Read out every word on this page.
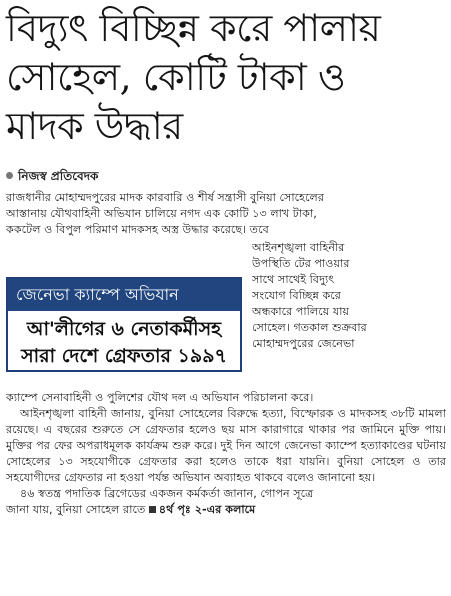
বিদ্যুৎ বিচ্ছিন্ন করে পালায়
সোহেল, কোটি টাকা ও
মাদক উদ্ধার
নিজস্ব প্রতিবেদক
রাজধানীর মোহাম্মদপুরের মাদক কারবারি ও শীর্ষ সন্ত্রাসী বুনিয়া সোহেলের
আস্তানায় যৌথবাহিনী অভিযান চালিয়ে নগদ এক কোটি ১৩ লাখ টাকা,
ককটেল ও বিপুল পরিমাণ মাদকসহ অস্ত্র উদ্ধার করেছে। তবে
আইনশৃঙ্খলা বাহিনীর
উপস্থিতি টের পাওয়ার
সাথে সাথেই বিদ্যুৎ
সংযোগ বিচ্ছিন্ন করে
অন্ধকারে পালিয়ে যায়
সোহেল। গতকাল শুক্রবার
মোহাম্মদপুরের জেনেভা
জেনেভা ক্যাম্পে অভিযান
আ'লীগের ৬ নেতাকর্মীসহ
সারা দেশে গ্রেফতার ১৯৯৭
ক্যাম্পে সেনাবাহিনী ও পুলিশের যৌথ দল এ অভিযান পরিচালনা করে।

আইনশৃঙ্খলা বাহিনী জানায়, বুনিয়া সোহেলের বিরুদ্ধে হত্যা, বিস্ফোরক ও মাদকসহ ৩৮টি মামলা রয়েছে। এ বছরের শুরুতে সে গ্রেফতার হলেও ছয় মাস কারাগারে থাকার পর জামিনে মুক্তি পায়। মুক্তির পর ফের অপরাধমূলক কার্যক্রম শুরু করে। দুই দিন আগে জেনেভা ক্যাম্পে হত্যাকাণ্ডের ঘটনায় সোহেলের ১৩ সহযোগীকে গ্রেফতার করা হলেও তাকে ধরা যায়নি। বুনিয়া সোহেল ও তার সহযোগীদের গ্রেফতার না হওয়া পর্যন্ত অভিযান অব্যাহত থাকবে বলেও জানানো হয়।

৪৬ স্বতন্ত্র পদাতিক ব্রিগেডের একজন কর্মকর্তা জানান, গোপন সূত্রে
জানা যায়, বুনিয়া সোহেল রাতে ৪র্থ পৃঃ ২-এর কলামে
